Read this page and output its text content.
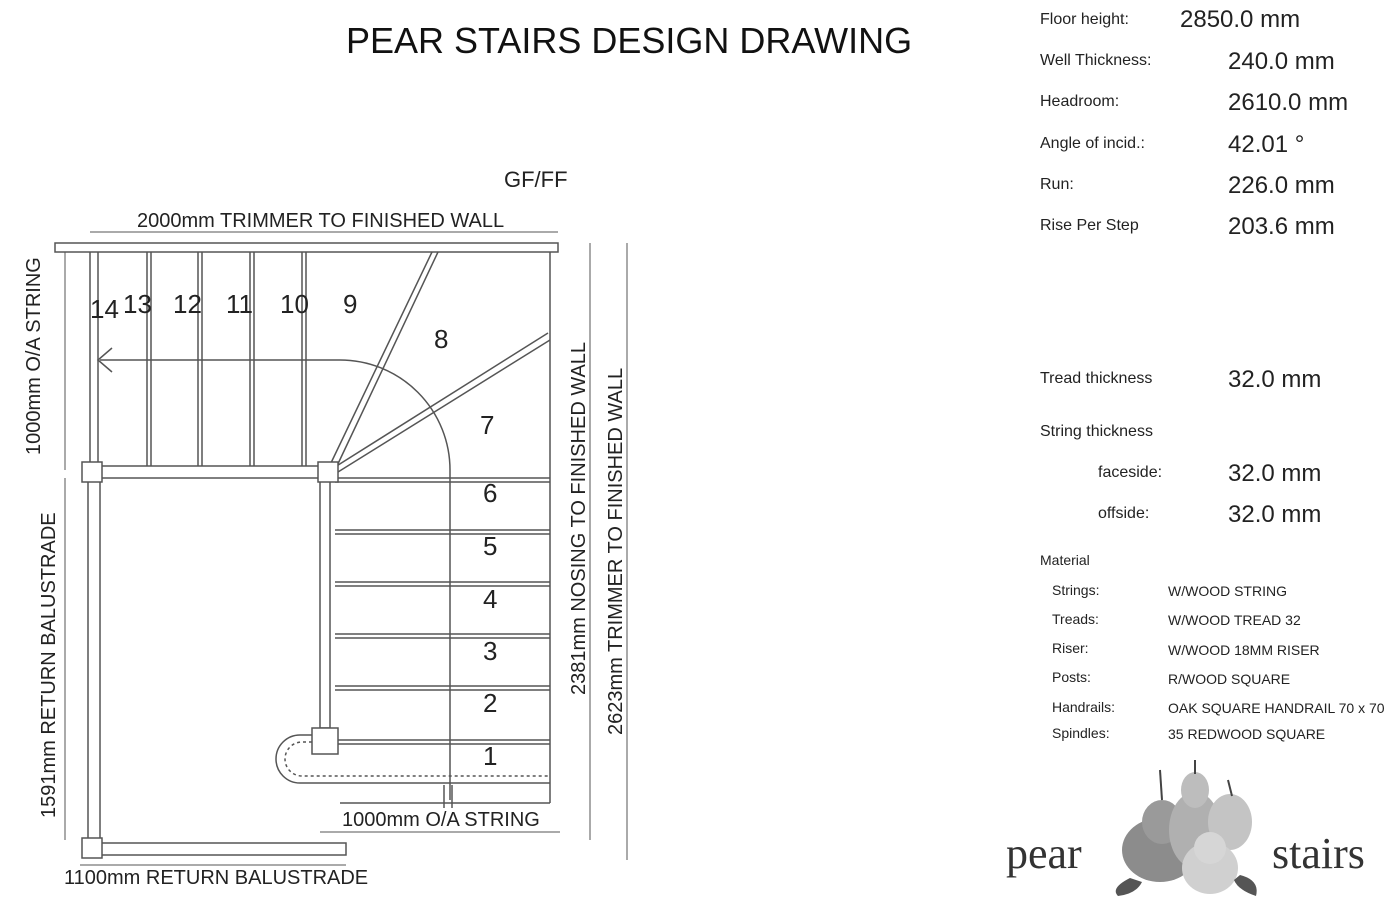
2000mm TRIMMER TO FINISHED WALL
1000mm O/A STRING
1591mm RETURN BALUSTRADE	2381mm NOSING TO FINISHED WALL 2623mm TRIMMER TO FINISHED WALL
1000mm O/A STRING
1100mm RETURN BALUSTRADE
GF/FF
1
2
3
4
5
6
7
8
9
10
11
12
13
14
PEAR STAIRS DESIGN DRAWING
Floor height: 2850.0 mm
Well Thickness:	240.0 mm
Headroom:	2610.0 mm
Angle of incid.:	42.01 °
Run:	226.0 mm
Rise Per Step	203.6 mm
Tread thickness	32.0 mm
String thickness
faceside:	32.0 mm
offside:	32.0 mm
Material
Strings:	W/WOOD STRING
Treads:	W/WOOD TREAD 32
Riser:	W/WOOD 18MM RISER
Posts:	R/WOOD SQUARE
Handrails:	OAK SQUARE HANDRAIL 70 x 70
Spindles:	35 REDWOOD SQUARE
pear	stairs
